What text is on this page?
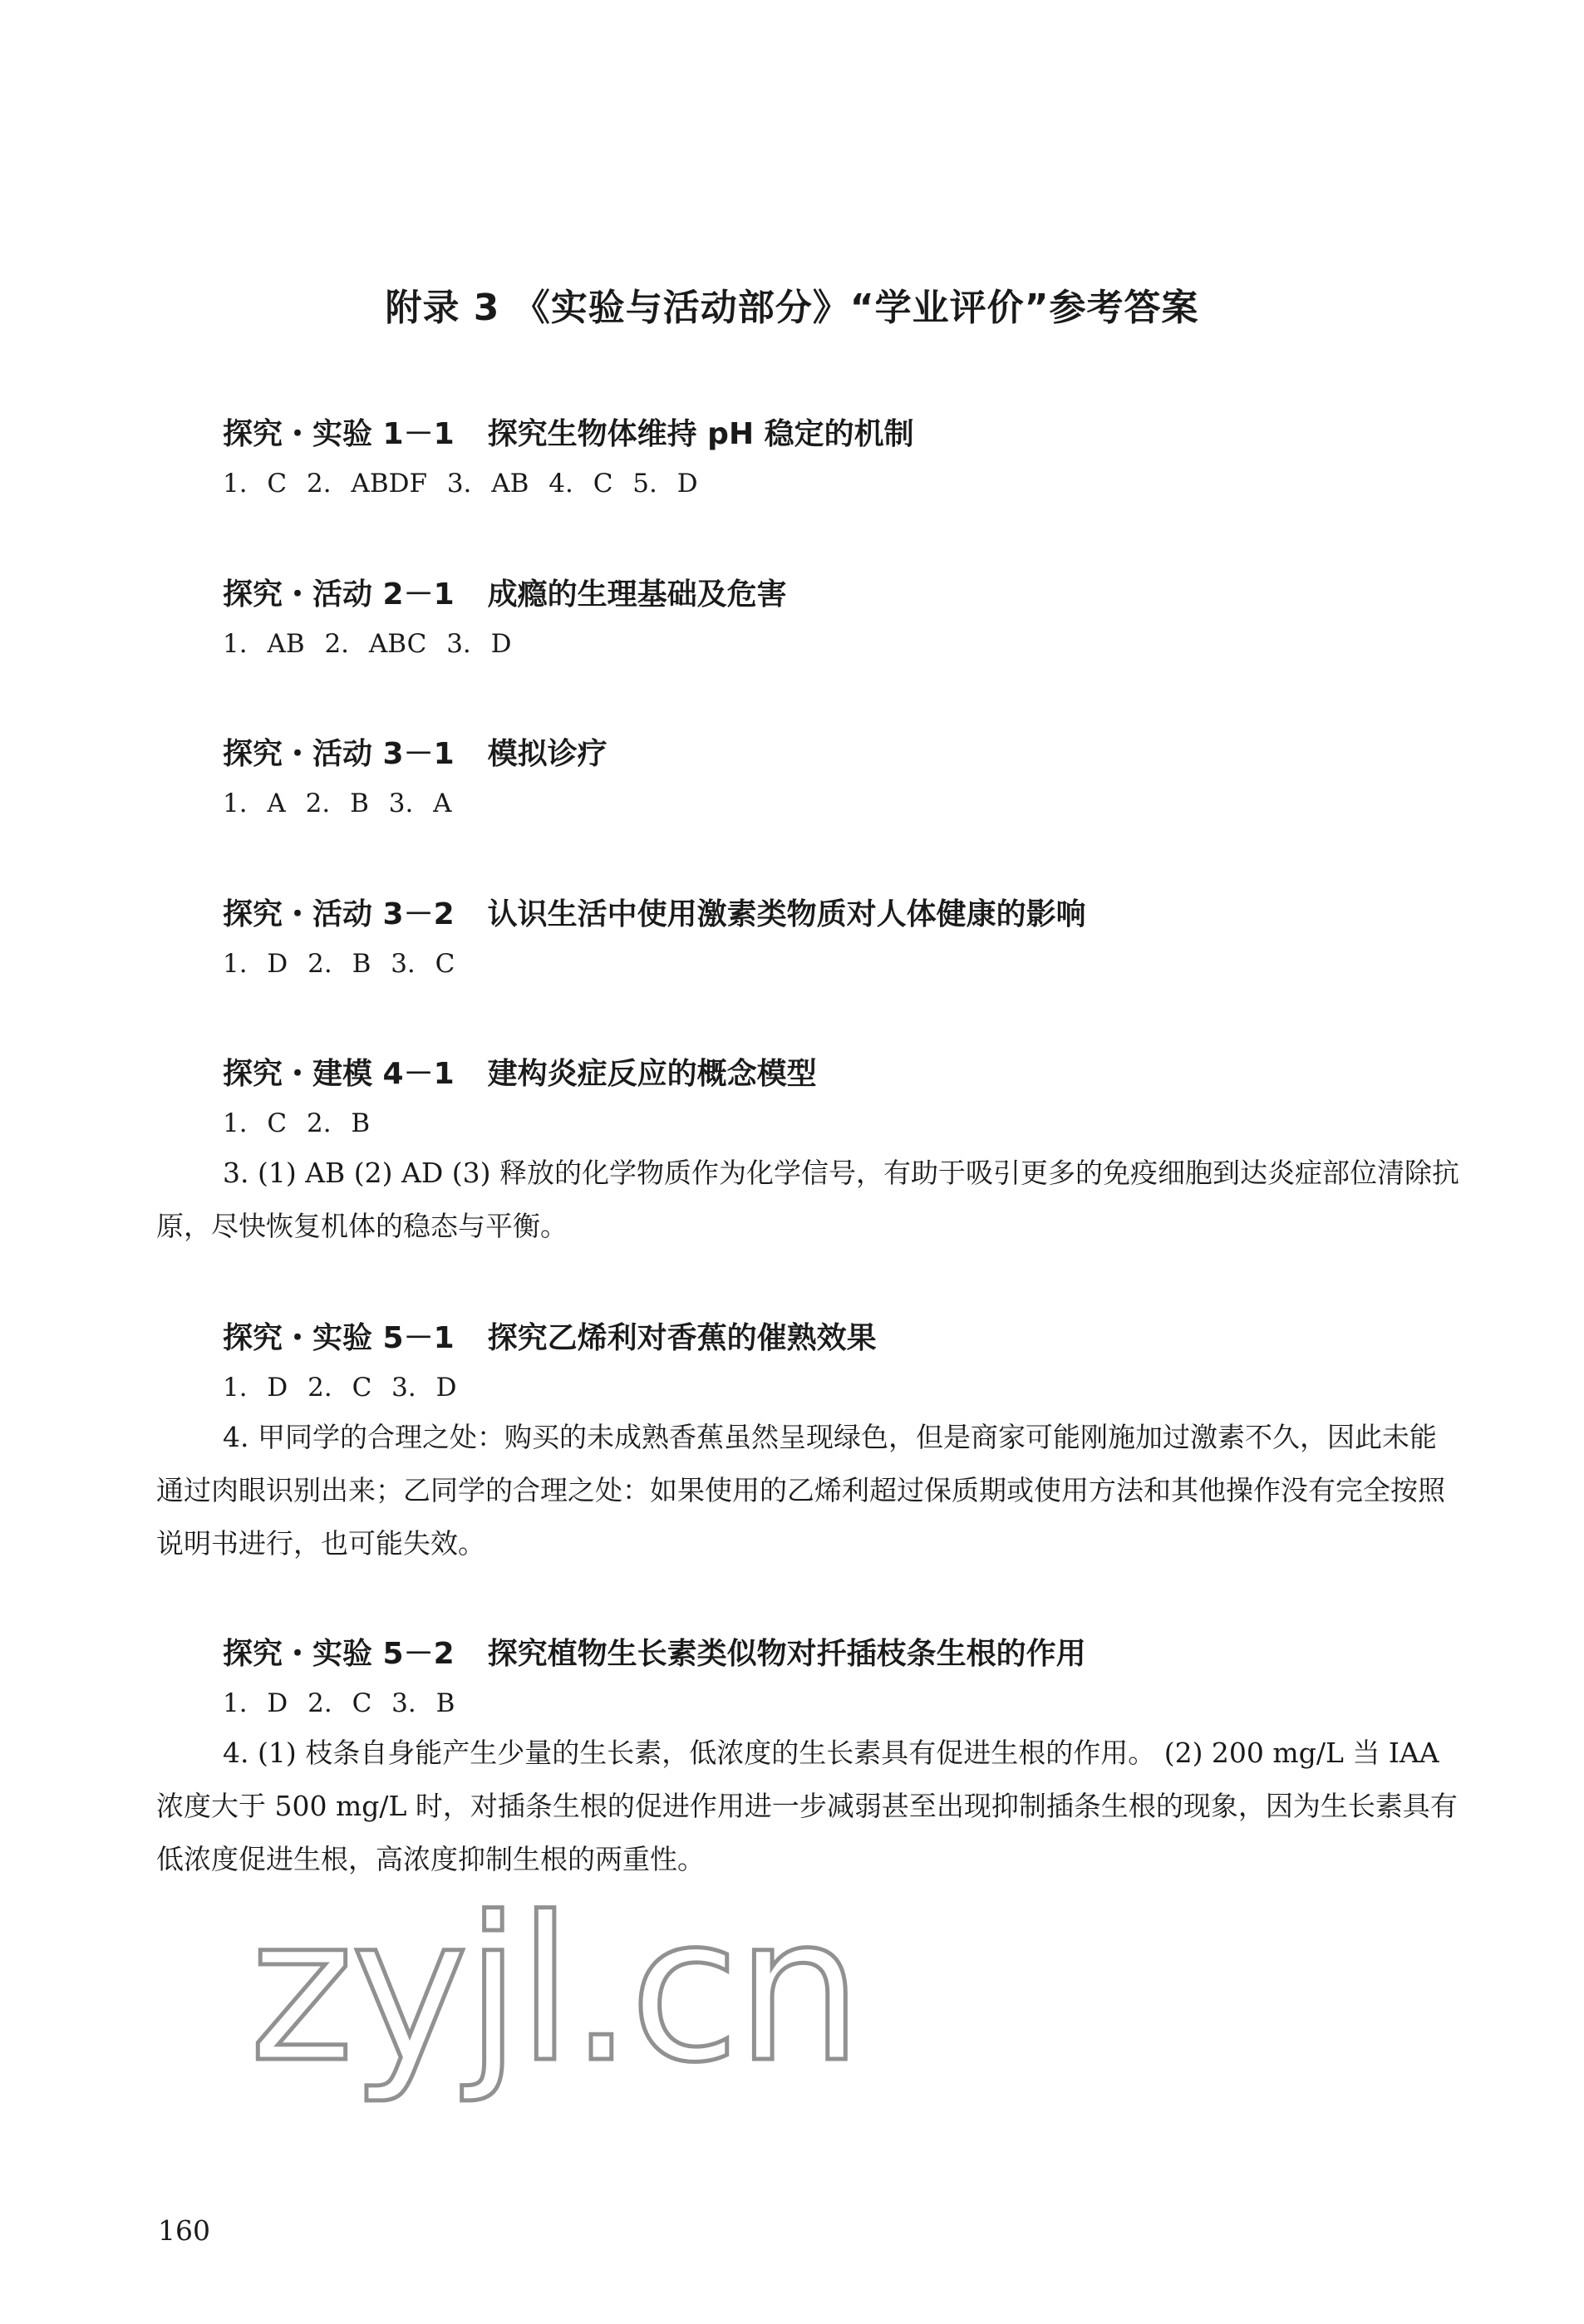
附录 3 《实验与活动部分》“学业评价”参考答案
探究・实验 1－1 探究生物体维持 pH 稳定的机制

1. C 2. ABDF 3. AB 4. C 5. D

探究・活动 2－1 成瘾的生理基础及危害

1. AB 2. ABC 3. D

探究・活动 3－1 模拟诊疗

1. A 2. B 3. A

探究・活动 3－2 认识生活中使用激素类物质对人体健康的影响

1. D 2. B 3. C

探究・建模 4－1 建构炎症反应的概念模型

1. C 2. B

3. (1) AB (2) AD (3) 释放的化学物质作为化学信号，有助于吸引更多的免疫细胞到达炎症部位清除抗原，尽快恢复机体的稳态与平衡。

探究・实验 5－1 探究乙烯利对香蕉的催熟效果

1. D 2. C 3. D

4. 甲同学的合理之处：购买的未成熟香蕉虽然呈现绿色，但是商家可能刚施加过激素不久，因此未能通过肉眼识别出来；乙同学的合理之处：如果使用的乙烯利超过保质期或使用方法和其他操作没有完全按照说明书进行，也可能失效。

探究・实验 5－2 探究植物生长素类似物对扦插枝条生根的作用

1. D 2. C 3. B

4. (1) 枝条自身能产生少量的生长素，低浓度的生长素具有促进生根的作用。 (2) 200 mg/L 当 IAA 浓度大于 500 mg/L 时，对插条生根的促进作用进一步减弱甚至出现抑制插条生根的现象，因为生长素具有低浓度促进生根，高浓度抑制生根的两重性。

zyjl.cn
160
